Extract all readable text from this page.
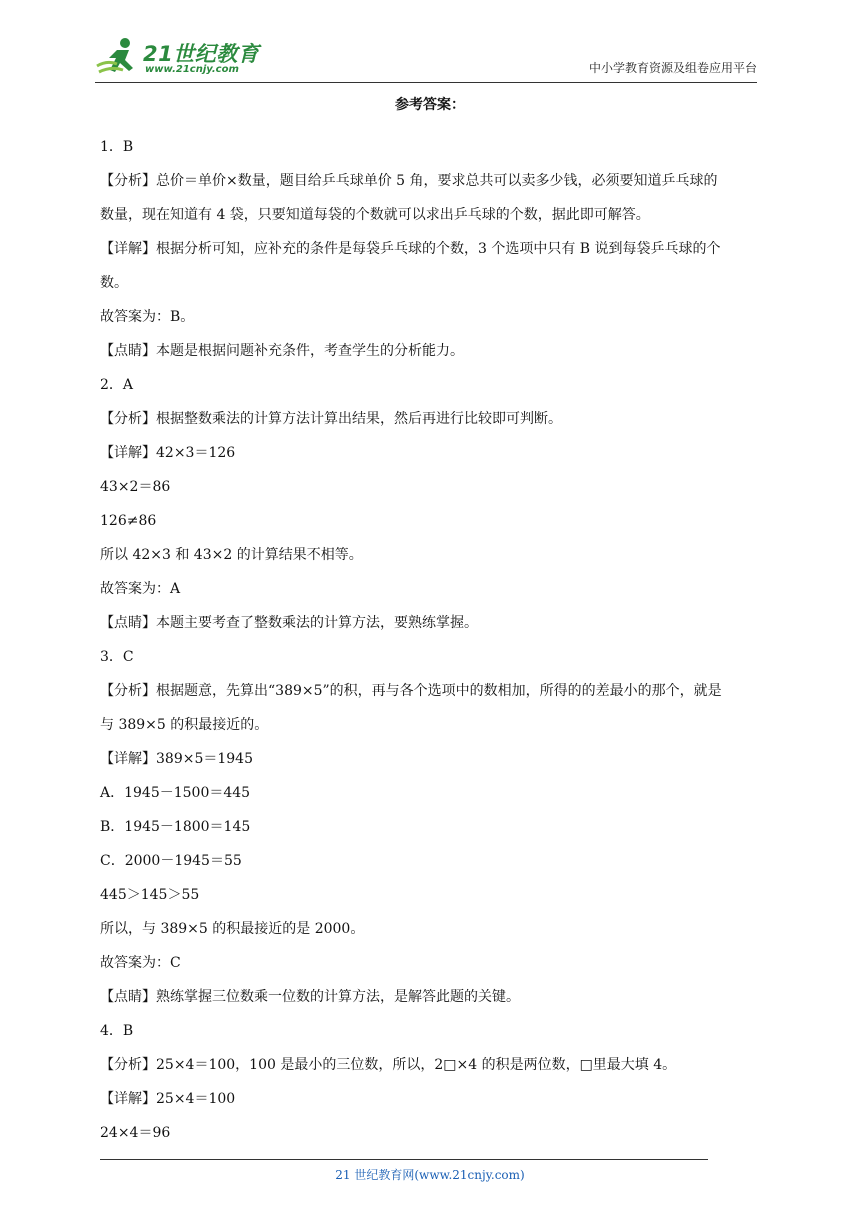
21世纪教育
www.21cnjy.com	中小学教育资源及组卷应用平台

参考答案：

1．B

【分析】总价＝单价×数量，题目给乒乓球单价 5 角，要求总共可以卖多少钱，必须要知道乒乓球的

数量，现在知道有 4 袋，只要知道每袋的个数就可以求出乒乓球的个数，据此即可解答。

【详解】根据分析可知，应补充的条件是每袋乒乓球的个数，3 个选项中只有 B 说到每袋乒乓球的个

数。

故答案为：B。

【点睛】本题是根据问题补充条件，考查学生的分析能力。

2．A

【分析】根据整数乘法的计算方法计算出结果，然后再进行比较即可判断。

【详解】42×3＝126

43×2＝86

126≠86

所以 42×3 和 43×2 的计算结果不相等。

故答案为：A

【点睛】本题主要考查了整数乘法的计算方法，要熟练掌握。

3．C

【分析】根据题意，先算出“389×5”的积，再与各个选项中的数相加，所得的的差最小的那个，就是

与 389×5 的积最接近的。

【详解】389×5＝1945

A．1945－1500＝445

B．1945－1800＝145

C．2000－1945＝55

445＞145＞55

所以，与 389×5 的积最接近的是 2000。

故答案为：C

【点睛】熟练掌握三位数乘一位数的计算方法，是解答此题的关键。

4．B

【分析】25×4＝100，100 是最小的三位数，所以，2□×4 的积是两位数，□里最大填 4。

【详解】25×4＝100

24×4＝96

21 世纪教育网(www.21cnjy.com)
